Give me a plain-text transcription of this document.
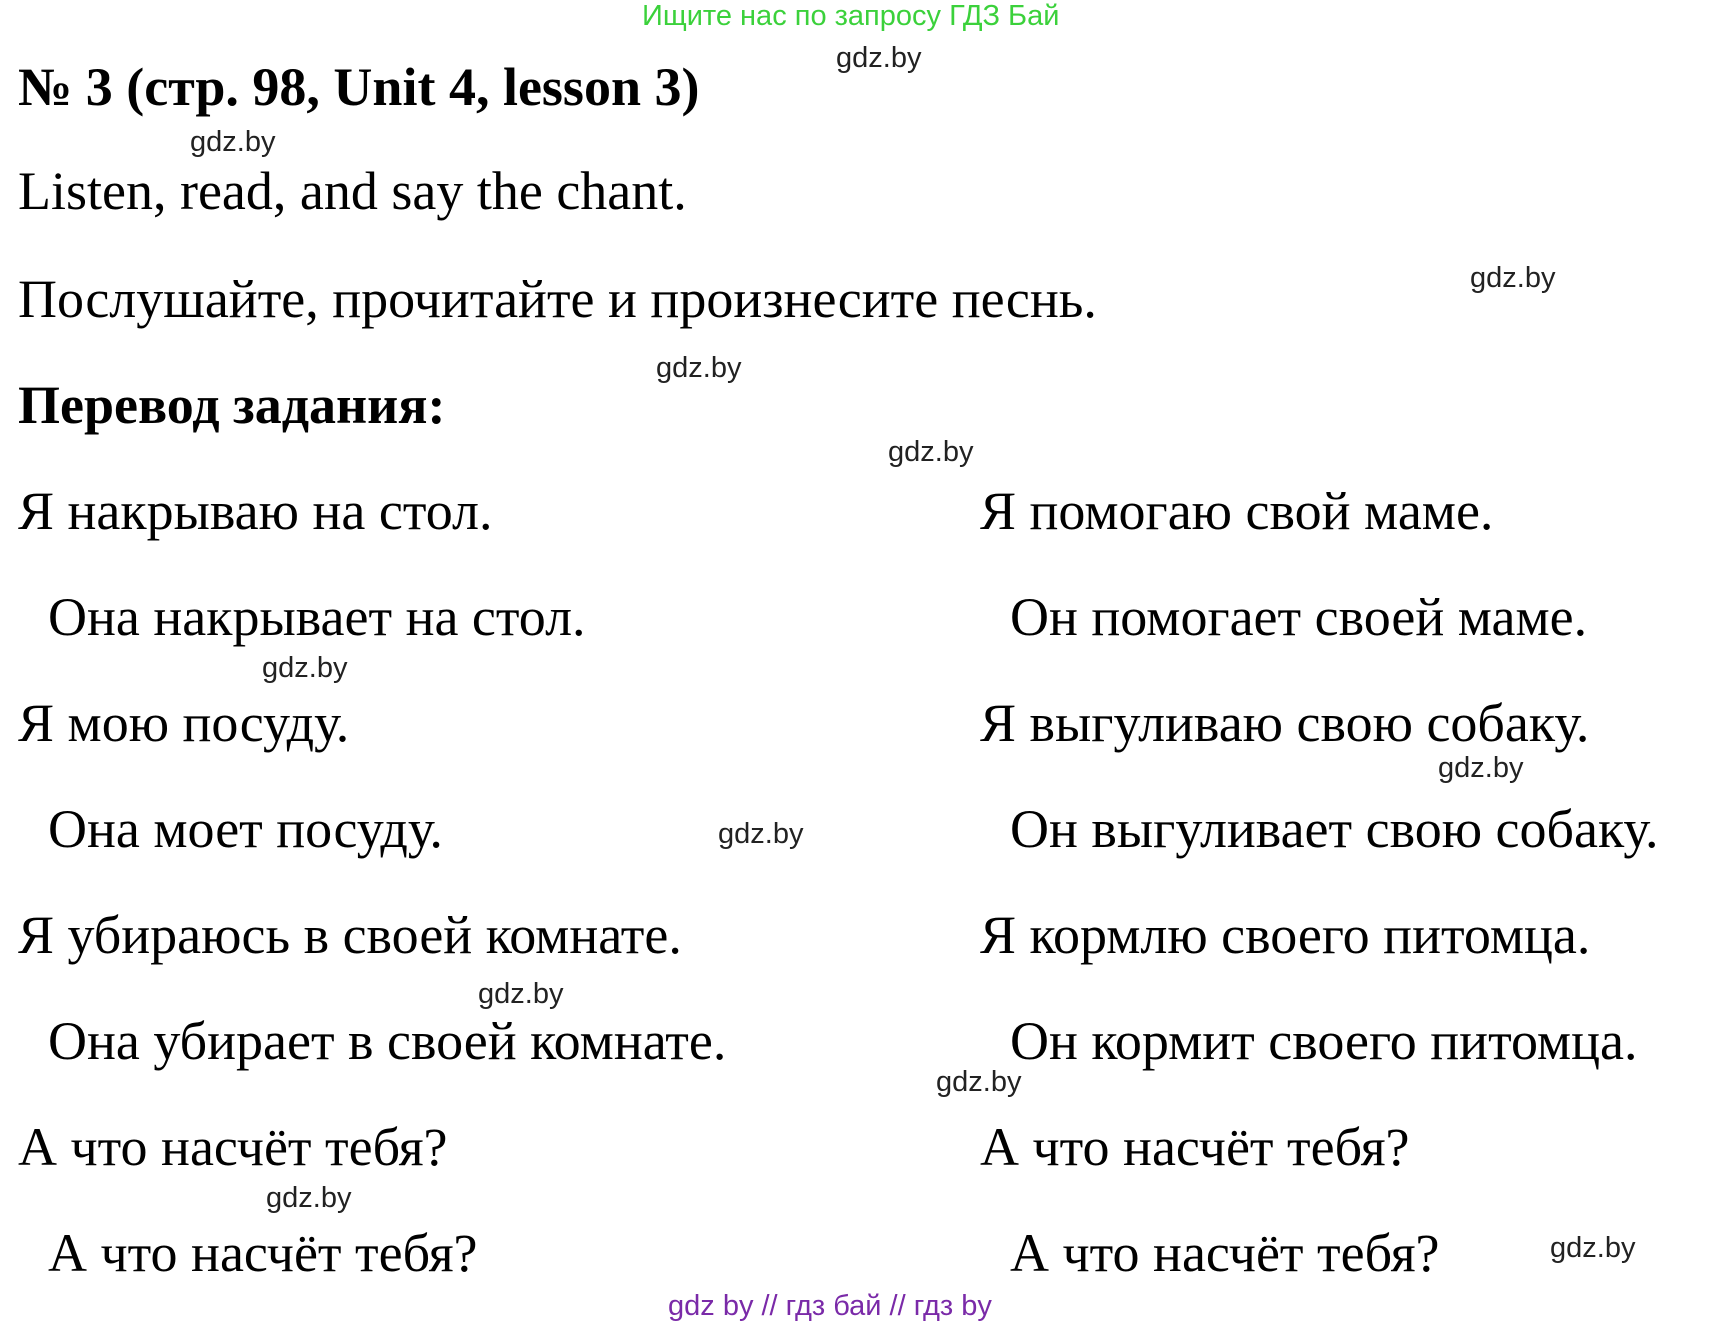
Ищите нас по запросу ГДЗ Бай
№ 3 (стр. 98, Unit 4, lesson 3)
Listen, read, and say the chant.
Послушайте, прочитайте и произнесите песнь.
Перевод задания:
Я накрываю на стол.
Она накрывает на стол.
Я мою посуду.
Она моет посуду.
Я убираюсь в своей комнате.
Она убирает в своей комнате.
А что насчёт тебя?
А что насчёт тебя?
Я помогаю свой маме.
Он помогает своей маме.
Я выгуливаю свою собаку.
Он выгуливает свою собаку.
Я кормлю своего питомца.
Он кормит своего питомца.
А что насчёт тебя?
А что насчёт тебя?
gdz.by
gdz.by
gdz.by
gdz.by
gdz.by
gdz.by
gdz.by
gdz.by
gdz.by
gdz.by
gdz.by
gdz.by
gdz by // гдз бай // гдз by
